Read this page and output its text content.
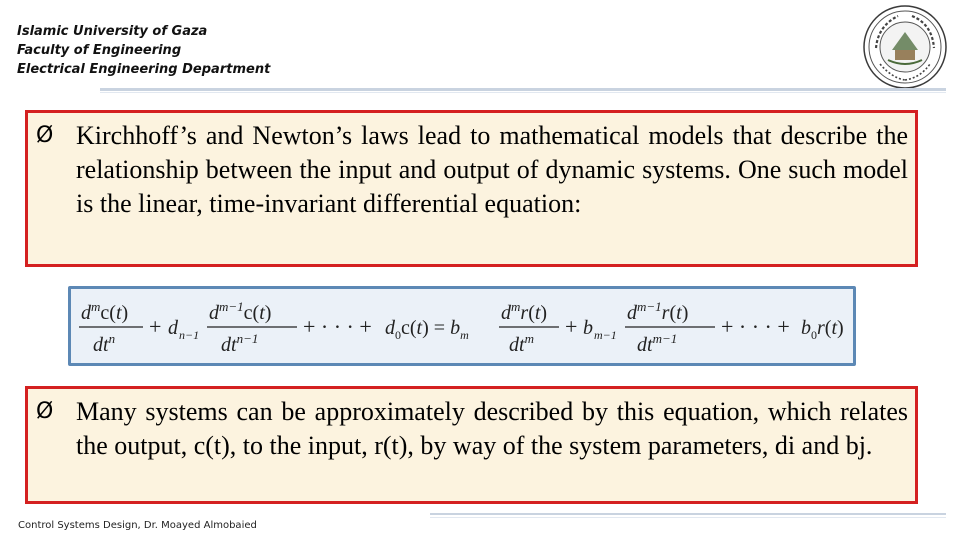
Islamic University of Gaza
Faculty of Engineering
Electrical Engineering Department
Ø Kirchhoff’s and Newton’s laws lead to mathematical models that describe the relationship between the input and output of dynamic systems. One such model is the linear, time-invariant differential equation:
$d^mc(t)$
$dt^n + d$ n−1
$d^{m-1}c(t)$
$dt^{n-1}$ + · · · + $d_0c(t) = b_m$
$d^mr(t)$
$dt^m + b$ m−1
$d^{m-1}r(t)$
$dt^{m-1}$ + · · · + $b_0r(t)$
Ø Many systems can be approximately described by this equation, which relates the output, c(t), to the input, r(t), by way of the system parameters, di and bj.
Control Systems Design, Dr. Moayed Almobaied
